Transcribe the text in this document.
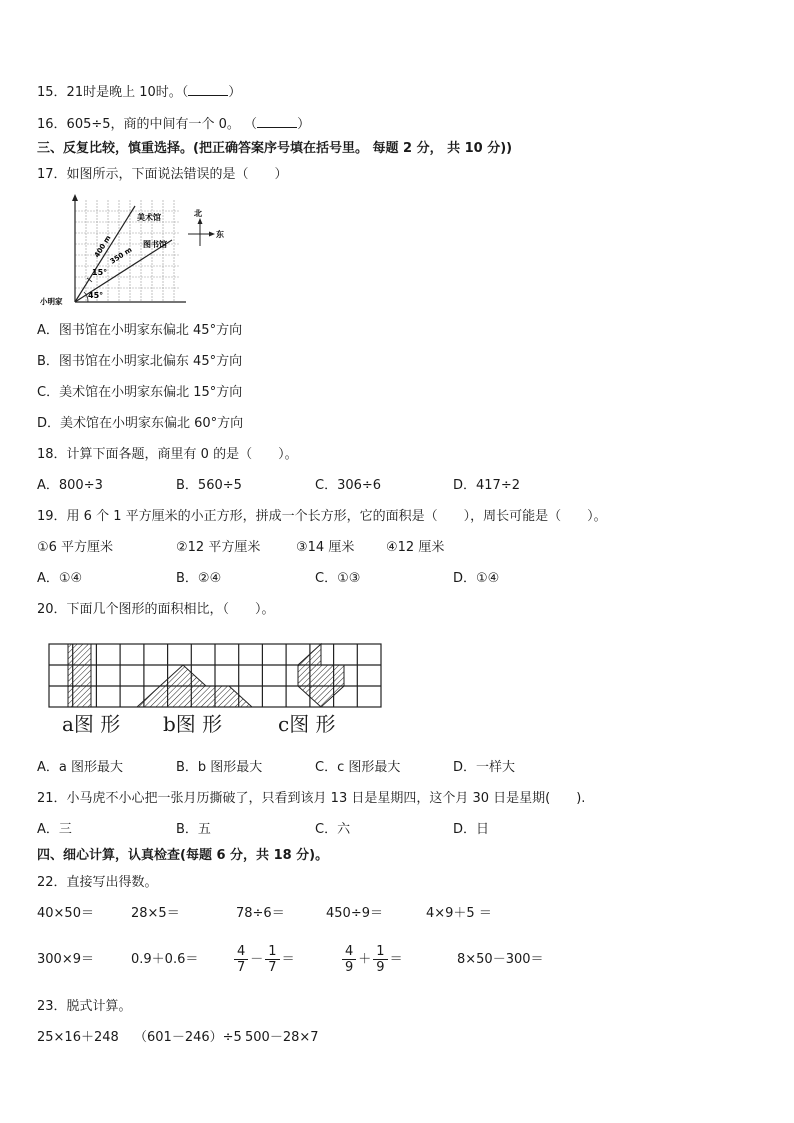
15．21时是晚上 10时。（	）
16．605÷5，商的中间有一个 0。 （	）
三、反复比较，慎重选择。(把正确答案序号填在括号里。 每题 2 分， 共 10 分))
17．如图所示，下面说法错误的是（　　）
美术馆
图书馆
400 m
350 m
15°
45°
小明家
北
东
A．图书馆在小明家东偏北 45°方向
B．图书馆在小明家北偏东 45°方向
C．美术馆在小明家东偏北 15°方向
D．美术馆在小明家东偏北 60°方向
18．计算下面各题，商里有 0 的是（　　）。
A．800÷3	B．560÷5	C．306÷6	D．417÷2
19．用 6 个 1 平方厘米的小正方形，拼成一个长方形，它的面积是（　　），周长可能是（　　）。
①6 平方厘米	②12 平方厘米	③14 厘米 ④12 厘米
A．①④	B．②④	C．①③	D．①④
20．下面几个图形的面积相比，（　　）。
a图 形 b图 形	c图 形
A．a 图形最大	B．b 图形最大	C．c 图形最大	D．一样大
21．小马虎不小心把一张月历撕破了，只看到该月 13 日是星期四，这个月 30 日是星期(　　).
A．三	B．五	C．六	D．日
四、细心计算，认真检查(每题 6 分，共 18 分)。
22．直接写出得数。
40×50＝	28×5＝	78÷6＝	450÷9＝	4×9＋5 ＝
300×9＝	0.9＋0.6＝	$\frac{4}{7} - \frac{1}{7}$ ＝	$\frac{4}{9} + \frac{1}{9}$ ＝	8×50－300＝
23．脱式计算。
25×16＋248 （601－246）÷5 500－28×7
